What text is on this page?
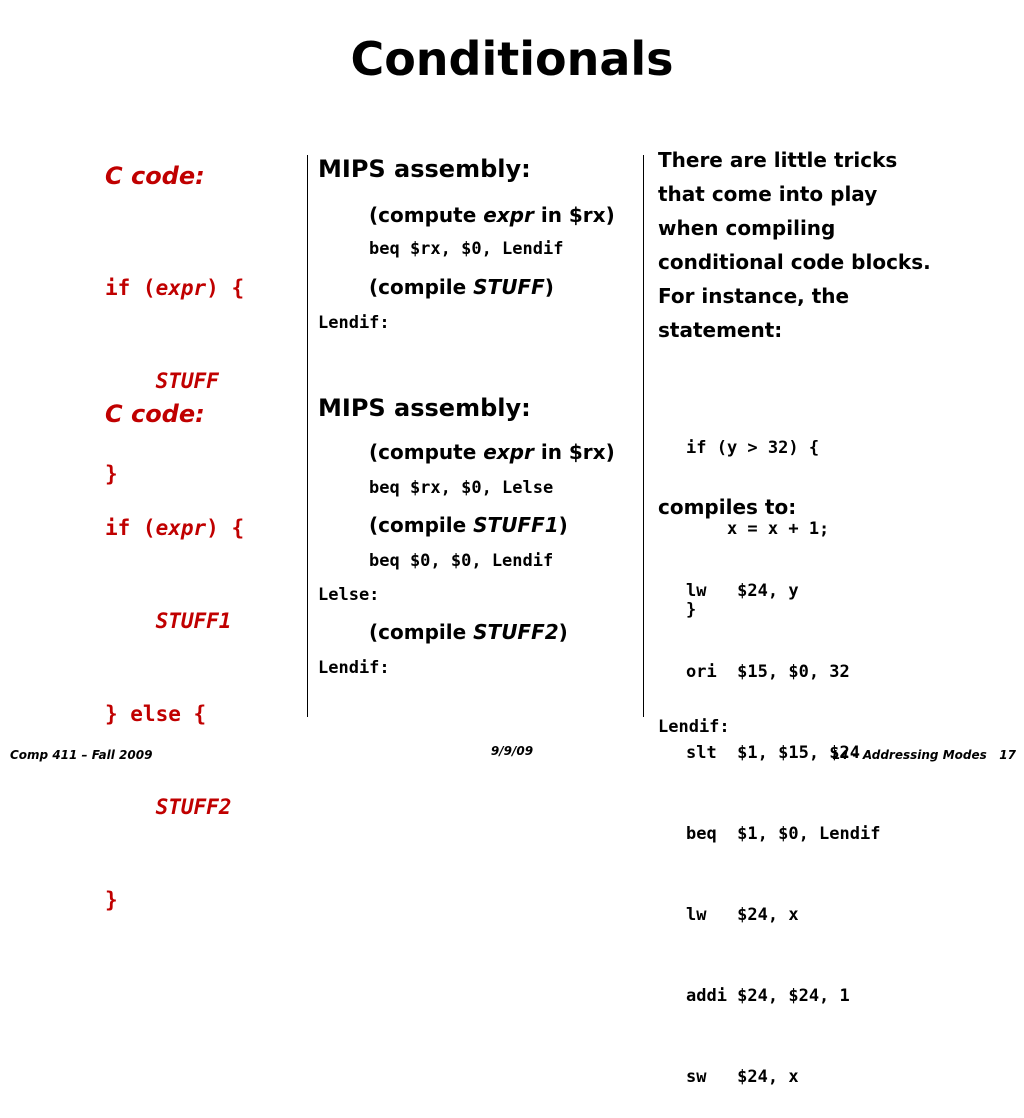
Conditionals
C code:

if (expr) {

STUFF

}

C code:

if (expr) {

STUFF1

} else {

STUFF2

}

MIPS assembly:
(compute expr in $rx)
beq $rx, $0, Lendif
(compile STUFF)
Lendif:
MIPS assembly:
(compute expr in $rx)
beq $rx, $0, Lelse
(compile STUFF1)
beq $0, $0, Lendif
Lelse:
(compile STUFF2)
Lendif:
There are little tricks
that come into play
when compiling
conditional code blocks.
For instance, the
statement:

if (y > 32) {

x = x + 1;

}

compiles to:

lw   $24, y

ori  $15, $0, 32

slt  $1, $15, $24

beq  $1, $0, Lendif

lw   $24, x

addi $24, $24, 1

sw   $24, x

Lendif:
Comp 411 – Fall 2009	9/9/09	L4 – Addressing Modes   17
